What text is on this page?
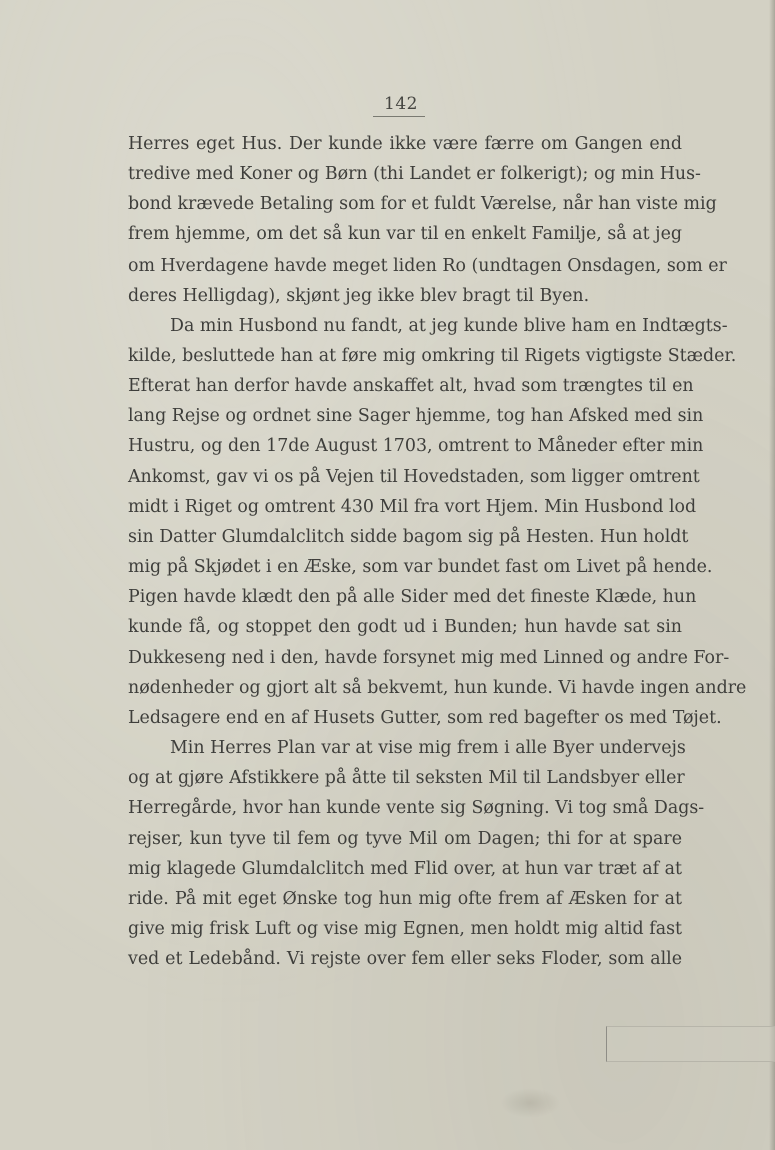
142
Herres eget Hus. Der kunde ikke være færre om Gangen end
tredive med Koner og Børn (thi Landet er folkerigt); og min Hus-
bond krævede Betaling som for et fuldt Værelse, når han viste mig
frem hjemme, om det så kun var til en enkelt Familje, så at jeg
om Hverdagene havde meget liden Ro (undtagen Onsdagen, som er
deres Helligdag), skjønt jeg ikke blev bragt til Byen.
Da min Husbond nu fandt, at jeg kunde blive ham en Indtægts-
kilde, besluttede han at føre mig omkring til Rigets vigtigste Stæder.
Efterat han derfor havde anskaffet alt, hvad som trængtes til en
lang Rejse og ordnet sine Sager hjemme, tog han Afsked med sin
Hustru, og den 17de August 1703, omtrent to Måneder efter min
Ankomst, gav vi os på Vejen til Hovedstaden, som ligger omtrent
midt i Riget og omtrent 430 Mil fra vort Hjem. Min Husbond lod
sin Datter Glumdalclitch sidde bagom sig på Hesten. Hun holdt
mig på Skjødet i en Æske, som var bundet fast om Livet på hende.
Pigen havde klædt den på alle Sider med det fineste Klæde, hun
kunde få, og stoppet den godt ud i Bunden; hun havde sat sin
Dukkeseng ned i den, havde forsynet mig med Linned og andre For-
nødenheder og gjort alt så bekvemt, hun kunde. Vi havde ingen andre
Ledsagere end en af Husets Gutter, som red bagefter os med Tøjet.
Min Herres Plan var at vise mig frem i alle Byer undervejs
og at gjøre Afstikkere på åtte til seksten Mil til Landsbyer eller
Herregårde, hvor han kunde vente sig Søgning. Vi tog små Dags-
rejser, kun tyve til fem og tyve Mil om Dagen; thi for at spare
mig klagede Glumdalclitch med Flid over, at hun var træt af at
ride. På mit eget Ønske tog hun mig ofte frem af Æsken for at
give mig frisk Luft og vise mig Egnen, men holdt mig altid fast
ved et Ledebånd. Vi rejste over fem eller seks Floder, som alle
